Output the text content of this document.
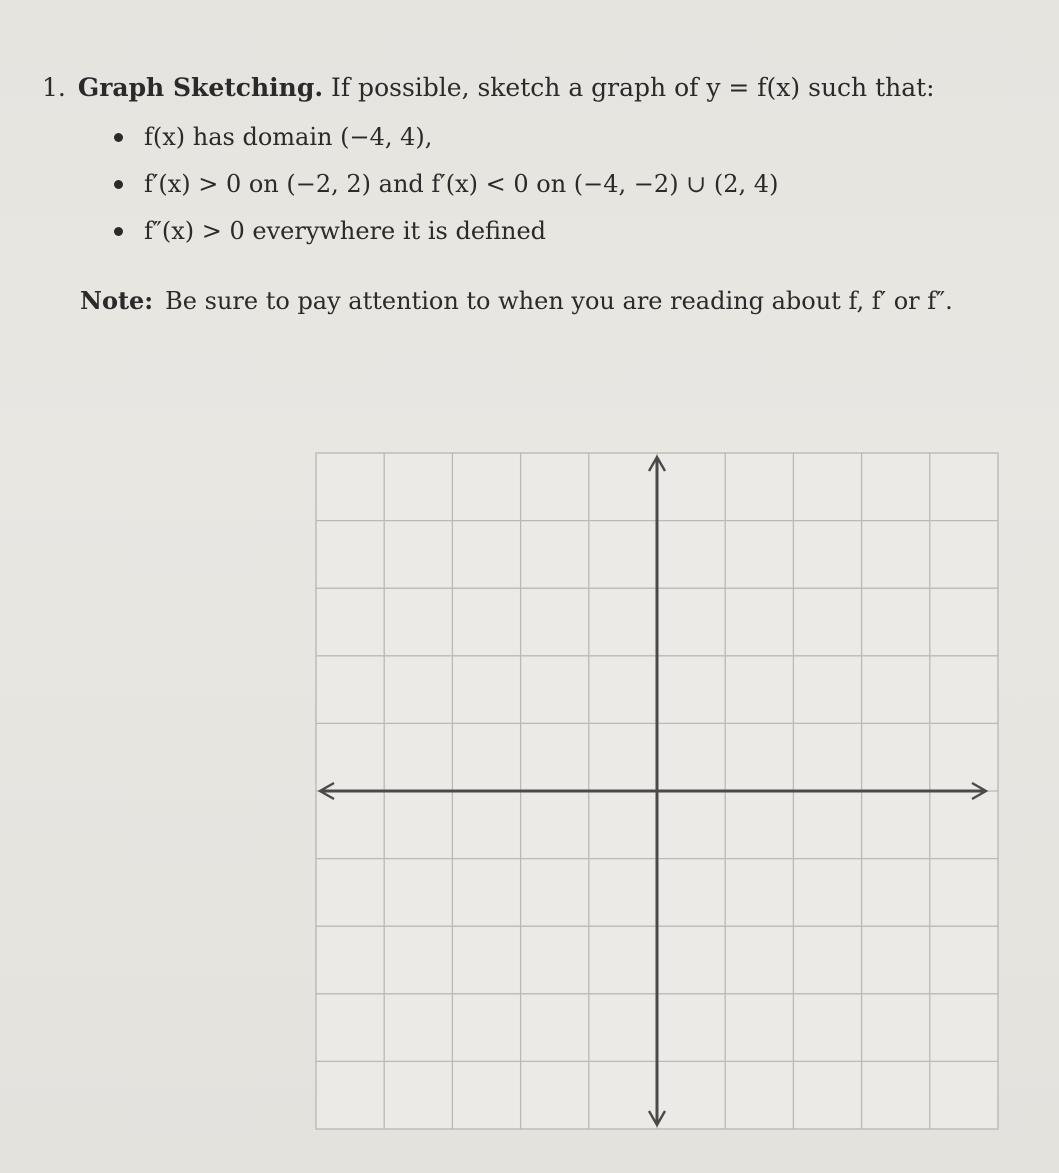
1. Graph Sketching. If possible, sketch a graph of y = f(x) such that:
f(x) has domain (−4, 4),
f′(x) > 0 on (−2, 2) and f′(x) < 0 on (−4, −2) ∪ (2, 4)
f″(x) > 0 everywhere it is defined
Note: Be sure to pay attention to when you are reading about f, f′ or f″.
